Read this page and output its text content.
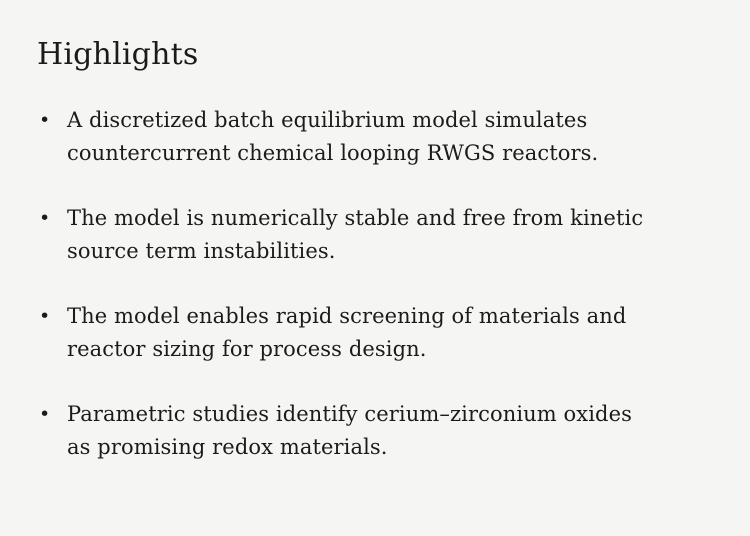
Highlights
• A discretized batch equilibrium model simulates
countercurrent chemical looping RWGS reactors.
• The model is numerically stable and free from kinetic
source term instabilities.
• The model enables rapid screening of materials and
reactor sizing for process design.
• Parametric studies identify cerium–zirconium oxides
as promising redox materials.
